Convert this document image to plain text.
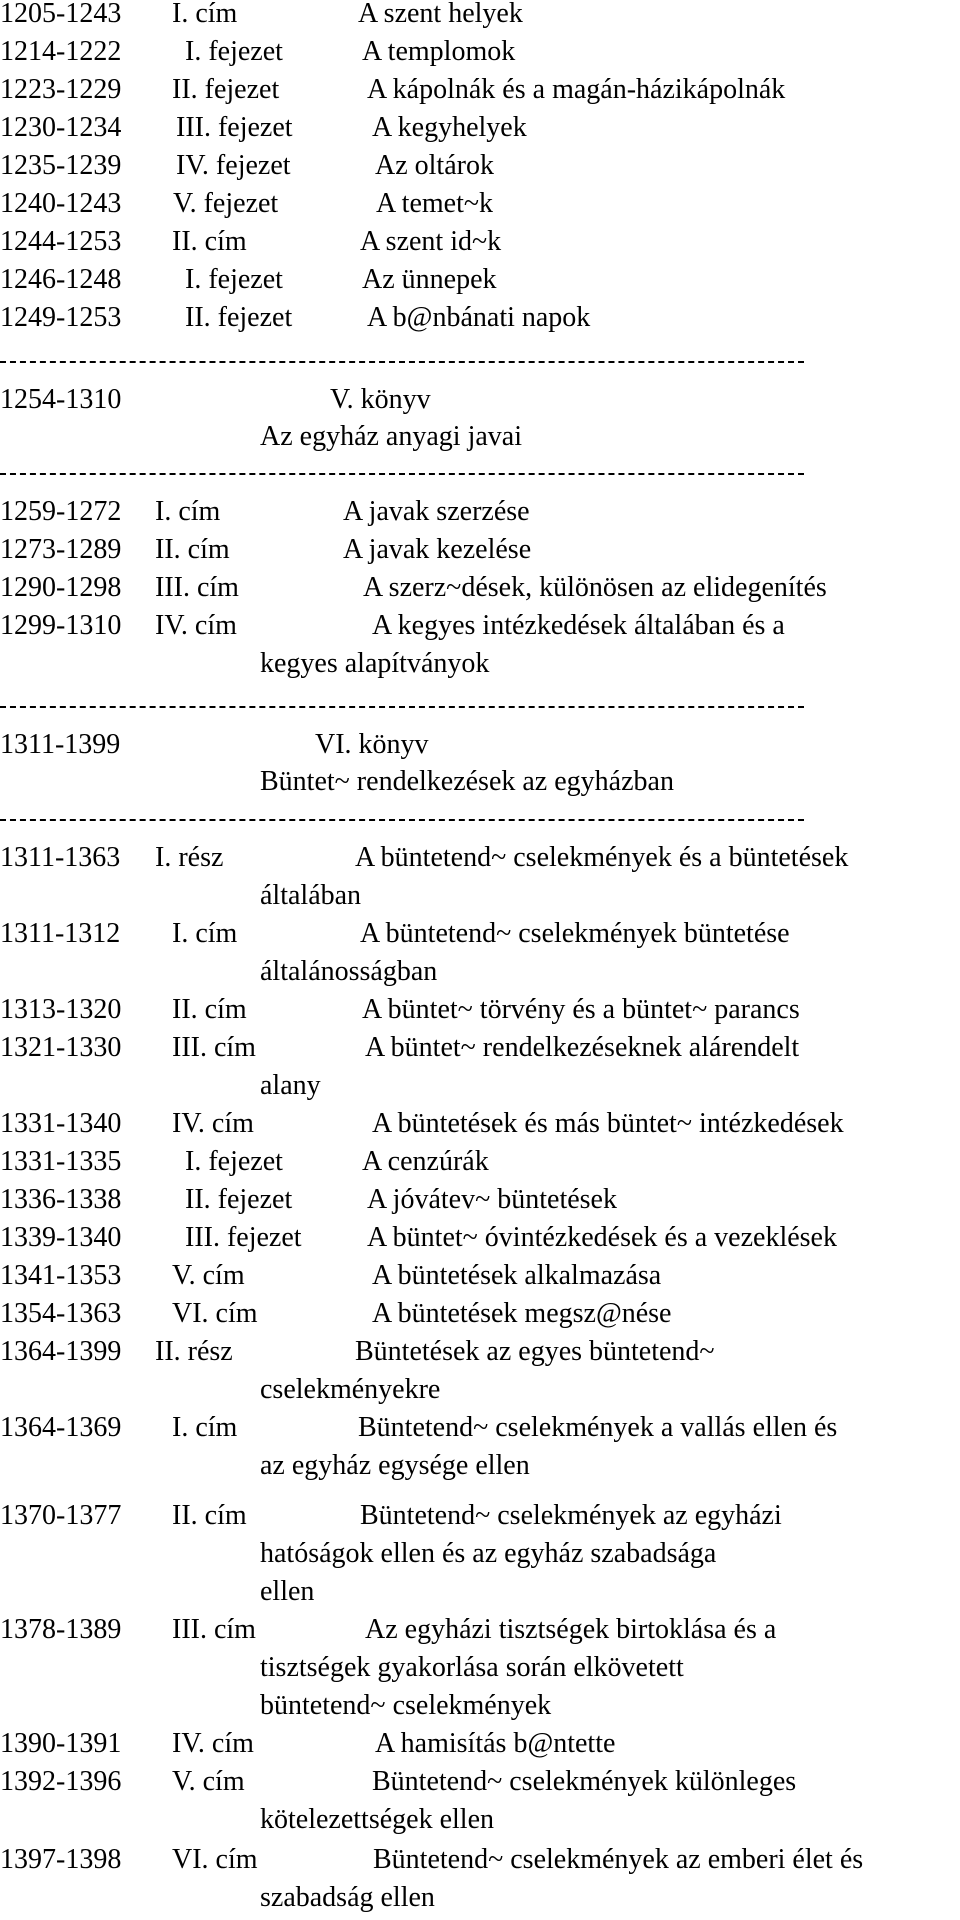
1205-1243 I. cím	A szent helyek
1214-1222 I. fejezet	A templomok
1223-1229 II. fejezet	A kápolnák és a magán-házikápolnák
1230-1234 III. fejezet	A kegyhelyek
1235-1239 IV. fejezet	Az oltárok
1240-1243 V. fejezet	A temet~k
1244-1253 II. cím	A szent id~k
1246-1248 I. fejezet	Az ünnepek
1249-1253 II. fejezet	A b@nbánati napok
1254-1310	V. könyv
Az egyház anyagi javai
1259-1272 I. cím	A javak szerzése
1273-1289 II. cím	A javak kezelése
1290-1298 III. cím	A szerz~dések, különösen az elidegenítés
1299-1310 IV. cím	A kegyes intézkedések általában és a
kegyes alapítványok
1311-1399	VI. könyv
Büntet~ rendelkezések az egyházban
1311-1363 I. rész	A büntetend~ cselekmények és a büntetések
általában
1311-1312 I. cím	A büntetend~ cselekmények büntetése
általánosságban
1313-1320 II. cím	A büntet~ törvény és a büntet~ parancs
1321-1330 III. cím	A büntet~ rendelkezéseknek alárendelt
alany
1331-1340 IV. cím	A büntetések és más büntet~ intézkedések
1331-1335 I. fejezet	A cenzúrák
1336-1338 II. fejezet	A jóvátev~ büntetések
1339-1340 III. fejezet A büntet~ óvintézkedések és a vezeklések
1341-1353 V. cím	A büntetések alkalmazása
1354-1363 VI. cím	A büntetések megsz@nése
1364-1399 II. rész	Büntetések az egyes büntetend~
cselekményekre
1364-1369 I. cím	Büntetend~ cselekmények a vallás ellen és
az egyház egysége ellen
1370-1377 II. cím	Büntetend~ cselekmények az egyházi
hatóságok ellen és az egyház szabadsága
ellen
1378-1389 III. cím	Az egyházi tisztségek birtoklása és a
tisztségek gyakorlása során elkövetett
büntetend~ cselekmények
1390-1391 IV. cím	A hamisítás b@ntette
1392-1396 V. cím	Büntetend~ cselekmények különleges
kötelezettségek ellen
1397-1398 VI. cím	Büntetend~ cselekmények az emberi élet és
szabadság ellen
